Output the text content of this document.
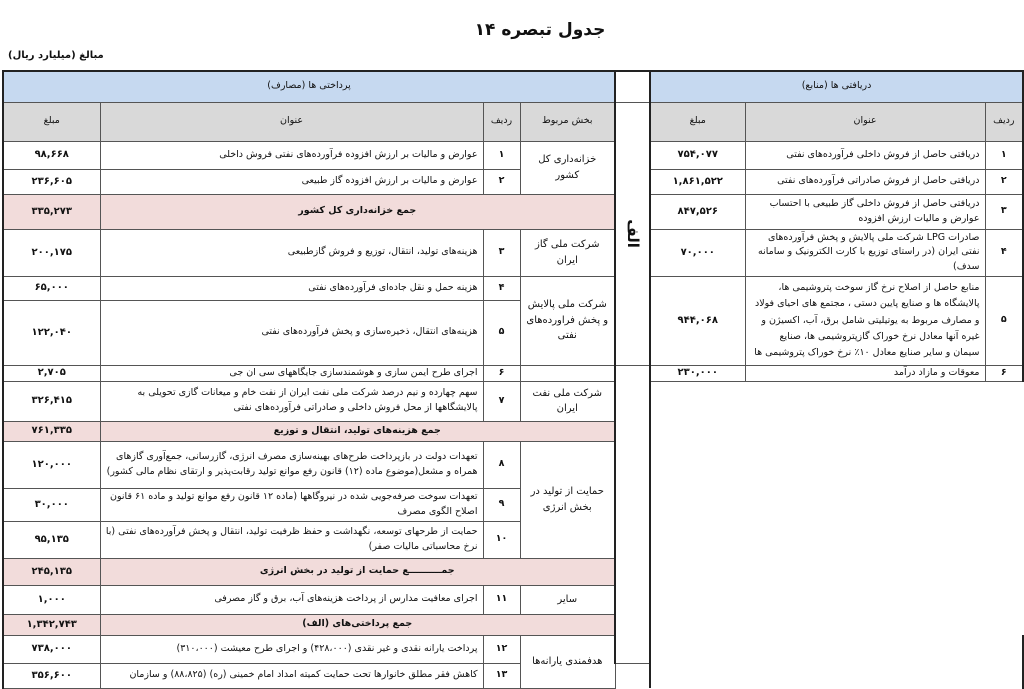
جدول تبصره ۱۴
مبالغ (میلیارد ریال)
پرداختی ها (مصارف)					دریافتی ها (منابع)			
مبلغ	عنوان	ردیف	بخش مربوط	الف	مبلغ	عنوان	ردیف	
۹۸,۶۶۸	عوارض و مالیات بر ارزش افزوده فرآورده‌های نفتی فروش داخلی	۱	خزانه‌داری کل کشور		۷۵۴,۰۷۷	دریافتی حاصل از فروش داخلی فرآورده‌های نفتی	۱	
۲۳۶,۶۰۵	عوارض و مالیات بر ارزش افزوده گاز طبیعی	۲			۱,۸۶۱,۵۲۲	دریافتی حاصل از فروش صادراتی فرآورده‌های نفتی	۲	
۳۳۵,۲۷۳	جمع خزانه‌داری کل کشور				۸۴۷,۵۲۶	دریافتی حاصل از فروش داخلی گاز طبیعی با احتساب عوارض و مالیات ارزش افزوده	۳	
۲۰۰,۱۷۵	هزینه‌های تولید، انتقال، توزیع و فروش گازطبیعی	۳	شرکت ملی گاز ایران		۷۰,۰۰۰	صادرات LPG شرکت ملی پالایش و پخش فرآورده‌های نفتی ایران (در راستای توزیع با کارت الکترونیک و سامانه سدف)	۴	
۶۵,۰۰۰	هزینه حمل و نقل جاده‌ای فرآورده‌های نفتی	۴	شرکت ملی پالایش و پخش فراورده‌های نفتی		۹۴۴,۰۶۸	منابع حاصل از اصلاح نرخ گاز سوخت پتروشیمی ها، پالایشگاه ها و صنایع پایین دستی ، مجتمع های احیای فولاد و مصارف مربوط به یوتیلیتی شامل برق، آب، اکسیژن و غیره آنها معادل نرخ خوراک گازپتروشیمی ها، صنایع سیمان و سایر صنایع معادل ۱۰٪ نرخ خوراک پتروشیمی ها	۵	
۱۲۲,۰۴۰	هزینه‌های انتقال، ذخیره‌سازی و پخش فرآورده‌های نفتی	۵						
۲,۷۰۵	اجرای طرح ایمن سازی و هوشمندسازی جایگاههای سی ان جی	۶			۲۳۰,۰۰۰	معوقات و مازاد درآمد	۶	
۳۲۶,۴۱۵	سهم چهارده و نیم درصد شرکت ملی نفت ایران از نفت خام و میعانات گازی تحویلی به پالایشگاهها از محل فروش داخلی و صادراتی فرآورده‌های نفتی	۷	شرکت ملی نفت ایران					
۷۶۱,۳۳۵	جمع هزینه‌های تولید، انتقال و توزیع							
۱۲۰,۰۰۰	تعهدات دولت در بازپرداخت طرح‌های بهینه‌سازی مصرف انرژی، گازرسانی، جمع‌آوری گازهای همراه و مشعل(موضوع ماده (۱۲) قانون رفع موانع تولید رقابت‌پذیر و ارتقای نظام مالی کشور)	۸	حمایت از تولید در بخش انرژی					
۳۰,۰۰۰	تعهدات سوخت صرفه‌جویی شده در نیروگاهها (ماده ۱۲ قانون رفع موانع تولید و ماده ۶۱ قانون اصلاح الگوی مصرف	۹						
۹۵,۱۳۵	حمایت از طرحهای توسعه، نگهداشت و حفظ ظرفیت تولید، انتقال و پخش فرآورده‌های نفتی (با نرخ محاسباتی مالیات صفر)	۱۰						
۲۴۵,۱۳۵	جمــــــــــع حمایت از تولید در بخش انرژی							
۱,۰۰۰	اجرای معافیت مدارس از پرداخت هزینه‌های آب، برق و گاز مصرفی	۱۱	سایر					
۱,۳۴۲,۷۴۳	جمع پرداختی‌های (الف)							
۷۳۸,۰۰۰	پرداخت یارانه نقدی و غیر نقدی (۴۲۸،۰۰۰) و اجرای طرح معیشت (۳۱۰،۰۰۰)	۱۲	هدفمندی یارانه‌ها	
۳۵۶,۶۰۰	کاهش فقر مطلق خانوارها تحت حمایت کمیته امداد امام خمینی (ره) (۸۸،۸۲۵) و سازمان	۱۳						
